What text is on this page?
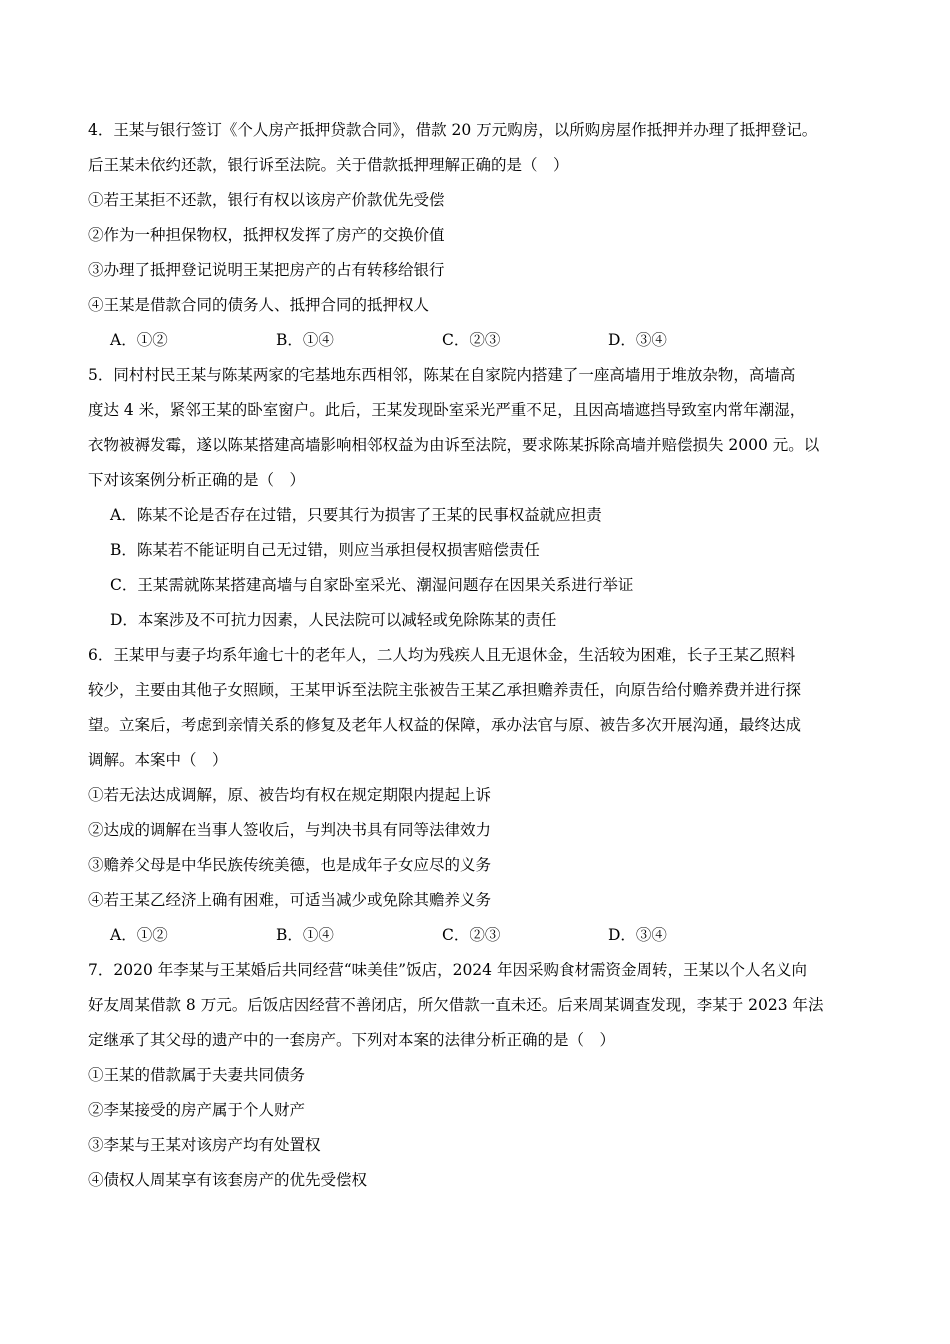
4．王某与银行签订《个人房产抵押贷款合同》，借款 20 万元购房，以所购房屋作抵押并办理了抵押登记。
后王某未依约还款，银行诉至法院。关于借款抵押理解正确的是（　）
①若王某拒不还款，银行有权以该房产价款优先受偿
②作为一种担保物权，抵押权发挥了房产的交换价值
③办理了抵押登记说明王某把房产的占有转移给银行
④王某是借款合同的债务人、抵押合同的抵押权人
A．①②	B．①④	C．②③	D．③④
5．同村村民王某与陈某两家的宅基地东西相邻，陈某在自家院内搭建了一座高墙用于堆放杂物，高墙高
度达 4 米，紧邻王某的卧室窗户。此后，王某发现卧室采光严重不足，且因高墙遮挡导致室内常年潮湿，
衣物被褥发霉，遂以陈某搭建高墙影响相邻权益为由诉至法院，要求陈某拆除高墙并赔偿损失 2000 元。以
下对该案例分析正确的是（　）
A．陈某不论是否存在过错，只要其行为损害了王某的民事权益就应担责
B．陈某若不能证明自己无过错，则应当承担侵权损害赔偿责任
C．王某需就陈某搭建高墙与自家卧室采光、潮湿问题存在因果关系进行举证
D．本案涉及不可抗力因素，人民法院可以减轻或免除陈某的责任
6．王某甲与妻子均系年逾七十的老年人，二人均为残疾人且无退休金，生活较为困难，长子王某乙照料
较少，主要由其他子女照顾，王某甲诉至法院主张被告王某乙承担赡养责任，向原告给付赡养费并进行探
望。立案后，考虑到亲情关系的修复及老年人权益的保障，承办法官与原、被告多次开展沟通，最终达成
调解。本案中（　）
①若无法达成调解，原、被告均有权在规定期限内提起上诉
②达成的调解在当事人签收后，与判决书具有同等法律效力
③赡养父母是中华民族传统美德，也是成年子女应尽的义务
④若王某乙经济上确有困难，可适当减少或免除其赡养义务
A．①②	B．①④	C．②③	D．③④
7．2020 年李某与王某婚后共同经营“味美佳”饭店，2024 年因采购食材需资金周转，王某以个人名义向
好友周某借款 8 万元。后饭店因经营不善闭店，所欠借款一直未还。后来周某调查发现，李某于 2023 年法
定继承了其父母的遗产中的一套房产。下列对本案的法律分析正确的是（　）
①王某的借款属于夫妻共同债务
②李某接受的房产属于个人财产
③李某与王某对该房产均有处置权
④债权人周某享有该套房产的优先受偿权
